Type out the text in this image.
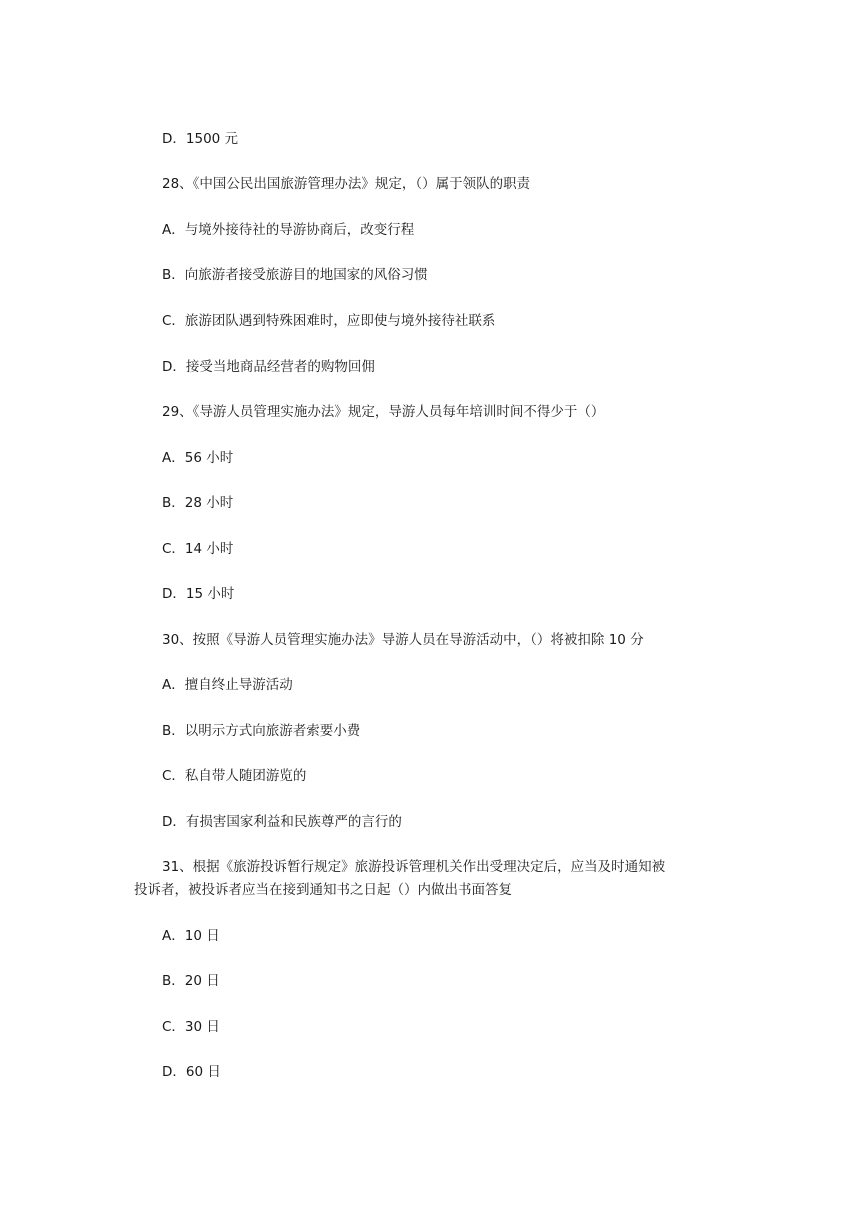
D．1500 元
28、《中国公民出国旅游管理办法》规定，（）属于领队的职责
A．与境外接待社的导游协商后，改变行程
B．向旅游者接受旅游目的地国家的风俗习惯
C．旅游团队遇到特殊困难时，应即使与境外接待社联系
D．接受当地商品经营者的购物回佣
29、《导游人员管理实施办法》规定，导游人员每年培训时间不得少于（）
A．56 小时
B．28 小时
C．14 小时
D．15 小时
30、按照《导游人员管理实施办法》导游人员在导游活动中，（）将被扣除 10 分
A．擅自终止导游活动
B．以明示方式向旅游者索要小费
C．私自带人随团游览的
D．有损害国家利益和民族尊严的言行的
31、根据《旅游投诉暂行规定》旅游投诉管理机关作出受理决定后，应当及时通知被
投诉者，被投诉者应当在接到通知书之日起（）内做出书面答复
A．10 日
B．20 日
C．30 日
D．60 日
